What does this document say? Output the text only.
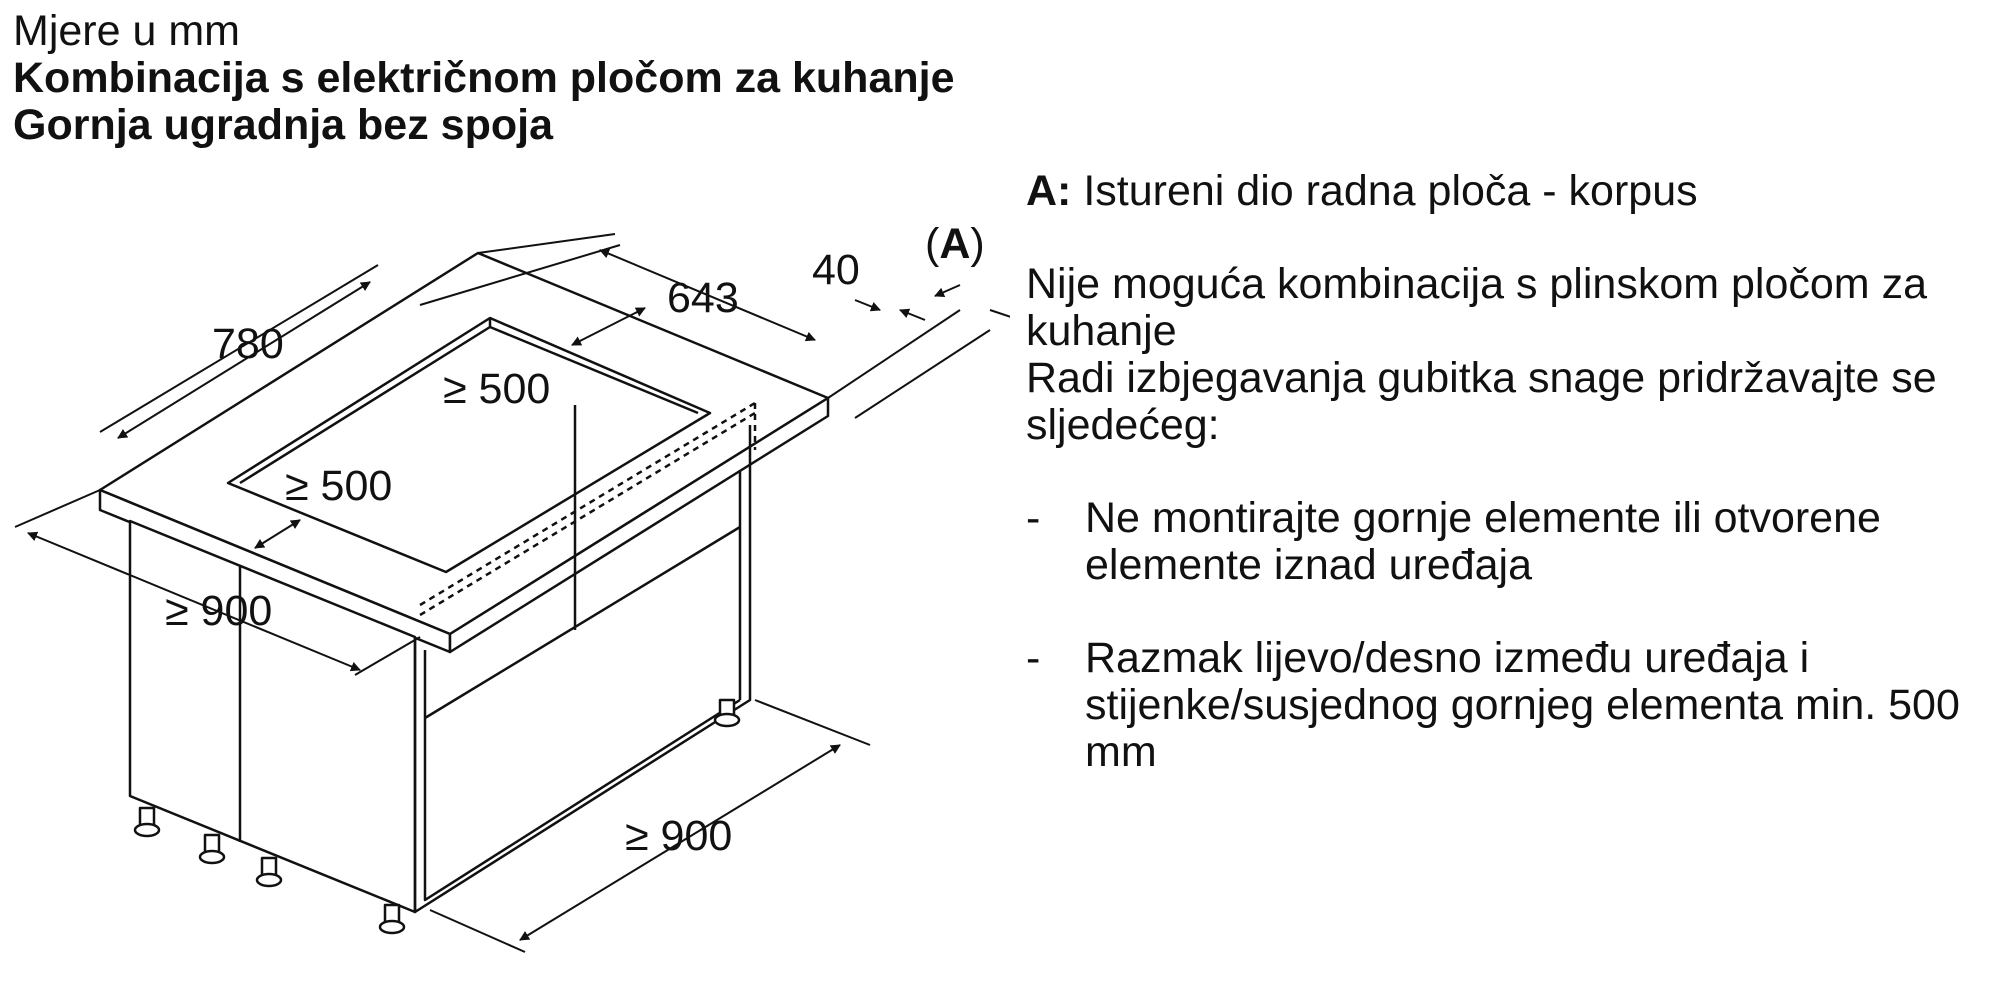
Mjere u mm
Kombinacija s električnom pločom za kuhanje
Gornja ugradnja bez spoja
780
643
40
(A)
≥ 500
≥ 500
≥ 900
≥ 900
A: Istureni dio radna ploča - korpus
Nije moguća kombinacija s plinskom pločom za kuhanje
Radi izbjegavanja gubitka snage pridržavajte se sljedećeg:
-	Ne montirajte gornje elemente ili otvorene elemente iznad uređaja
-	Razmak lijevo/desno između uređaja i stijenke/susjednog gornjeg elementa min. 500 mm
